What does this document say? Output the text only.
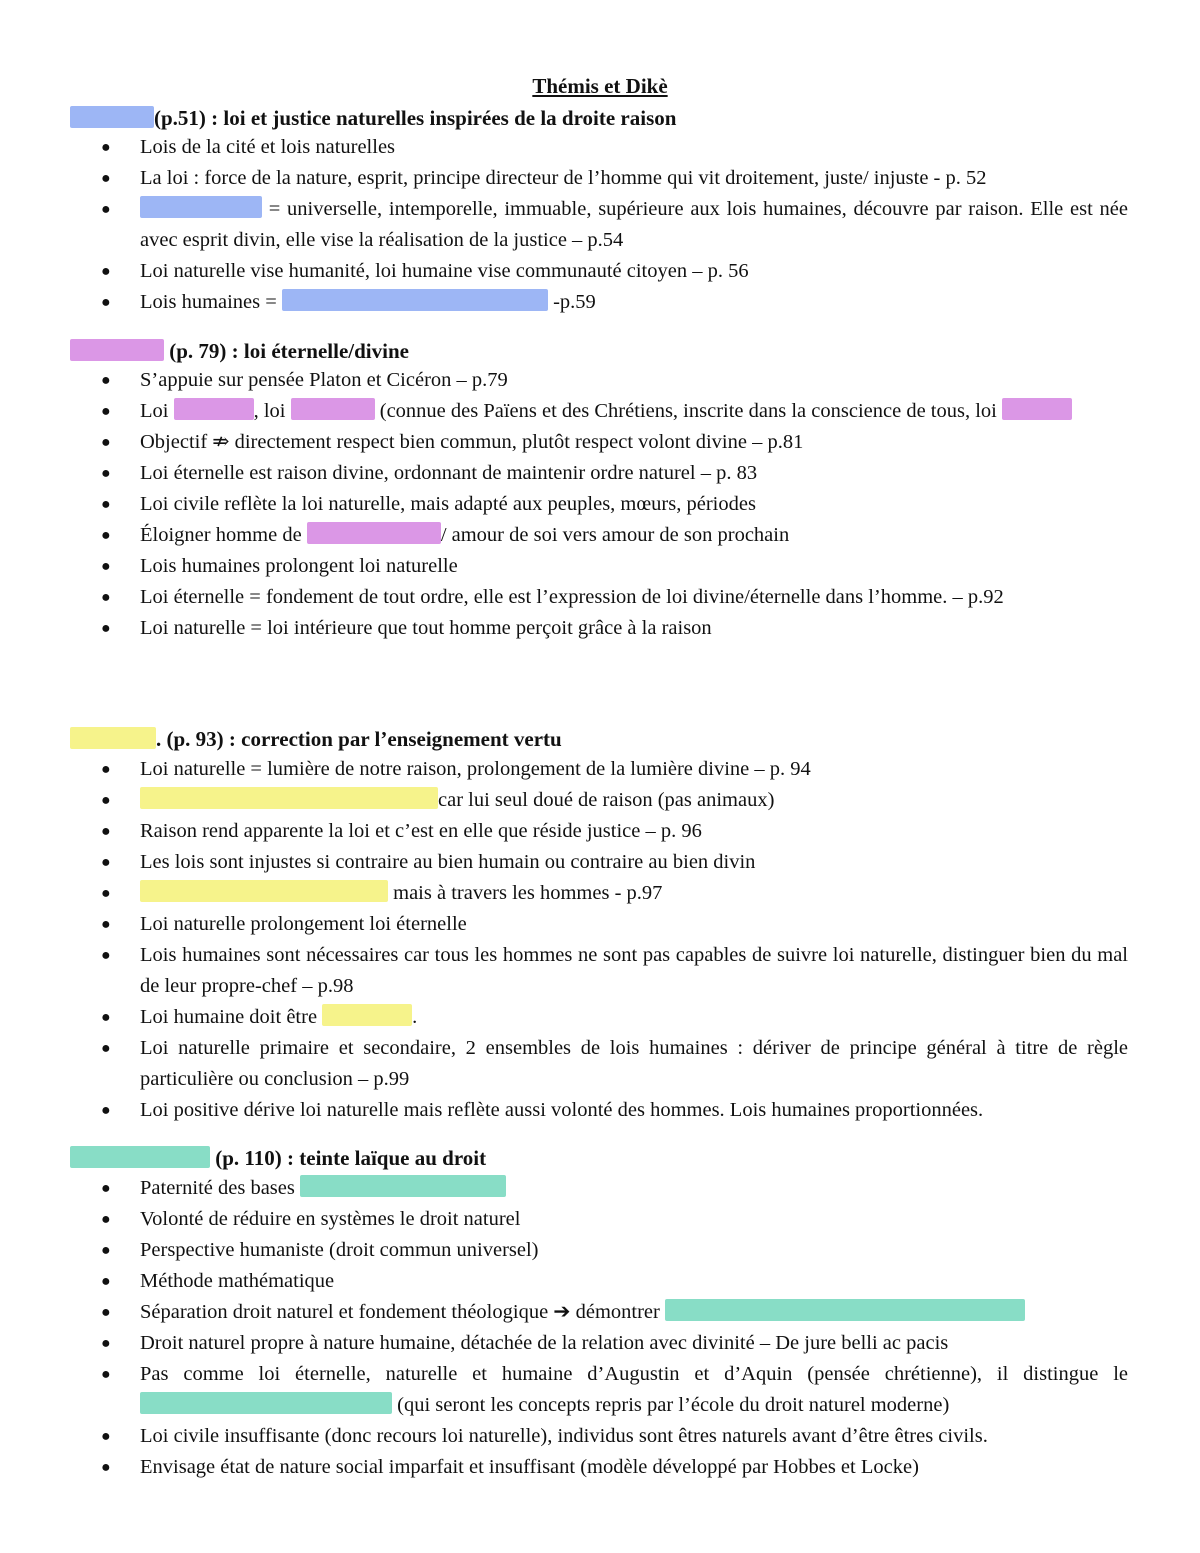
Thémis et Dikè
(p.51) : loi et justice naturelles inspirées de la droite raison
● Lois de la cité et lois naturelles
● La loi : force de la nature, esprit, principe directeur de l’homme qui vit droitement, juste/ injuste - p. 52
●	= universelle, intemporelle, immuable, supérieure aux lois humaines, découvre par raison. Elle est née avec esprit divin, elle vise la réalisation de la justice – p.54
● Loi naturelle vise humanité, loi humaine vise communauté citoyen – p. 56
● Lois humaines =	-p.59
(p. 79) : loi éternelle/divine
● S’appuie sur pensée Platon et Cicéron – p.79
● Loi	, loi	(connue des Païens et des Chrétiens, inscrite dans la conscience de tous, loi
● Objectif ⇏ directement respect bien commun, plutôt respect volont divine – p.81
● Loi éternelle est raison divine, ordonnant de maintenir ordre naturel – p. 83
● Loi civile reflète la loi naturelle, mais adapté aux peuples, mœurs, périodes
● Éloigner homme de	/ amour de soi vers amour de son prochain
● Lois humaines prolongent loi naturelle
● Loi éternelle = fondement de tout ordre, elle est l’expression de loi divine/éternelle dans l’homme. – p.92
● Loi naturelle = loi intérieure que tout homme perçoit grâce à la raison
. (p. 93) : correction par l’enseignement vertu
● Loi naturelle = lumière de notre raison, prolongement de la lumière divine – p. 94
●	car lui seul doué de raison (pas animaux)
● Raison rend apparente la loi et c’est en elle que réside justice – p. 96
● Les lois sont injustes si contraire au bien humain ou contraire au bien divin
●	mais à travers les hommes - p.97
● Loi naturelle prolongement loi éternelle
● Lois humaines sont nécessaires car tous les hommes ne sont pas capables de suivre loi naturelle, distinguer bien du mal de leur propre-chef – p.98
● Loi humaine doit être	.
● Loi naturelle primaire et secondaire, 2 ensembles de lois humaines : dériver de principe général à titre de règle particulière ou conclusion – p.99
● Loi positive dérive loi naturelle mais reflète aussi volonté des hommes. Lois humaines proportionnées.
(p. 110) : teinte laïque au droit
● Paternité des bases
● Volonté de réduire en systèmes le droit naturel
● Perspective humaniste (droit commun universel)
● Méthode mathématique
● Séparation droit naturel et fondement théologique ➔ démontrer
● Droit naturel propre à nature humaine, détachée de la relation avec divinité – De jure belli ac pacis
● Pas comme loi éternelle, naturelle et humaine d’Augustin et d’Aquin (pensée chrétienne), il distingue le  (qui seront les concepts repris par l’école du droit naturel moderne)
● Loi civile insuffisante (donc recours loi naturelle), individus sont êtres naturels avant d’être êtres civils.
● Envisage état de nature social imparfait et insuffisant (modèle développé par Hobbes et Locke)
